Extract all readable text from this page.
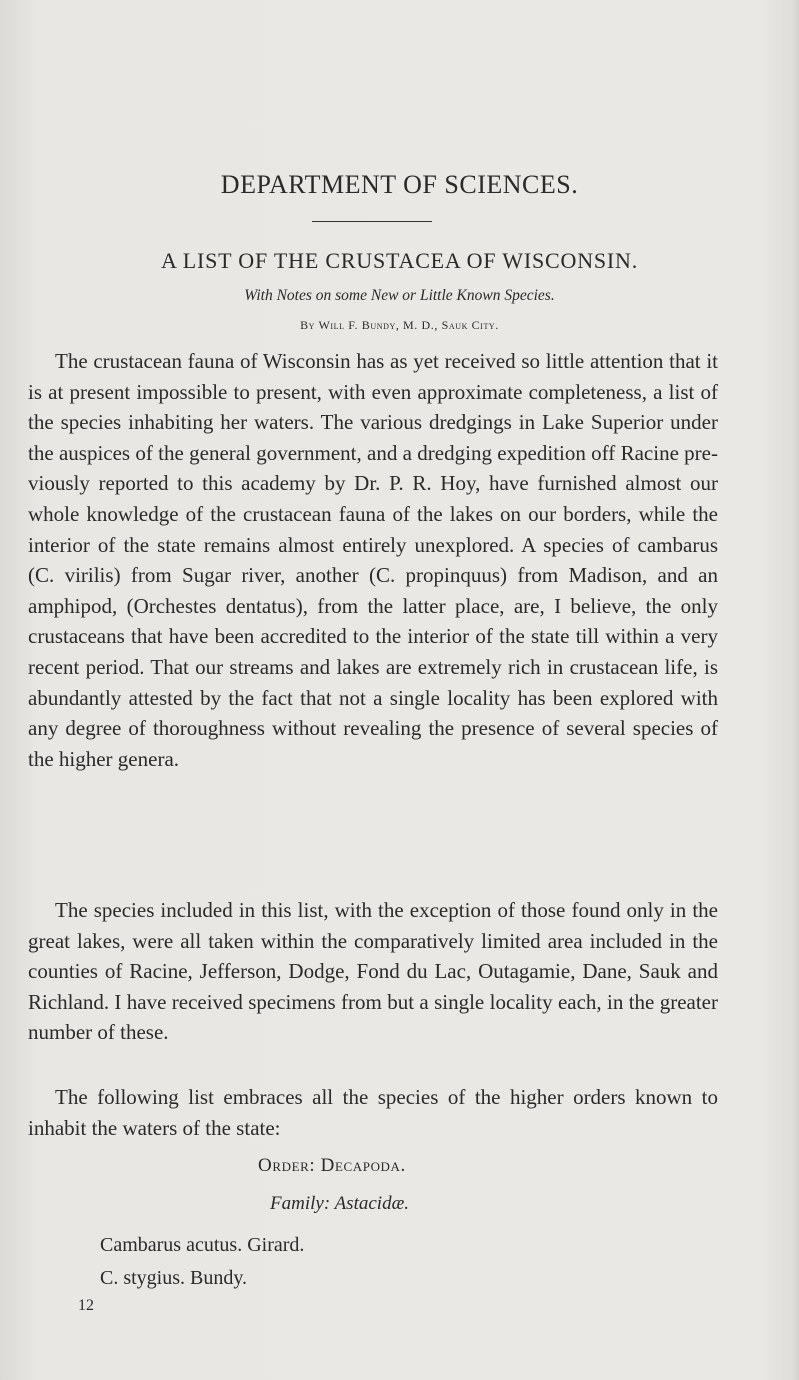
DEPARTMENT OF SCIENCES.
A LIST OF THE CRUSTACEA OF WISCONSIN.
With Notes on some New or Little Known Species.
By Will F. Bundy, M. D., Sauk City.
The crustacean fauna of Wisconsin has as yet received so little attention that it is at present impossible to present, with even approximate completeness, a list of the species inhabiting her waters. The various dredgings in Lake Superior under the auspices of the general government, and a dredging expedition off Racine previously reported to this academy by Dr. P. R. Hoy, have furnished almost our whole knowledge of the crustacean fauna of the lakes on our borders, while the interior of the state remains almost entirely unexplored. A species of cambarus (C. virilis) from Sugar river, another (C. propinquus) from Madison, and an amphipod, (Orchestes dentatus), from the latter place, are, I believe, the only crustaceans that have been accredited to the interior of the state till within a very recent period. That our streams and lakes are extremely rich in crustacean life, is abundantly attested by the fact that not a single locality has been explored with any degree of thoroughness without revealing the presence of several species of the higher genera.
The species included in this list, with the exception of those found only in the great lakes, were all taken within the comparatively limited area included in the counties of Racine, Jefferson, Dodge, Fond du Lac, Outagamie, Dane, Sauk and Richland. I have received specimens from but a single locality each, in the greater number of these.
The following list embraces all the species of the higher orders known to inhabit the waters of the state:
Order: Decapoda.
Family: Astacidæ.
Cambarus acutus. Girard.
C. stygius. Bundy.
12
